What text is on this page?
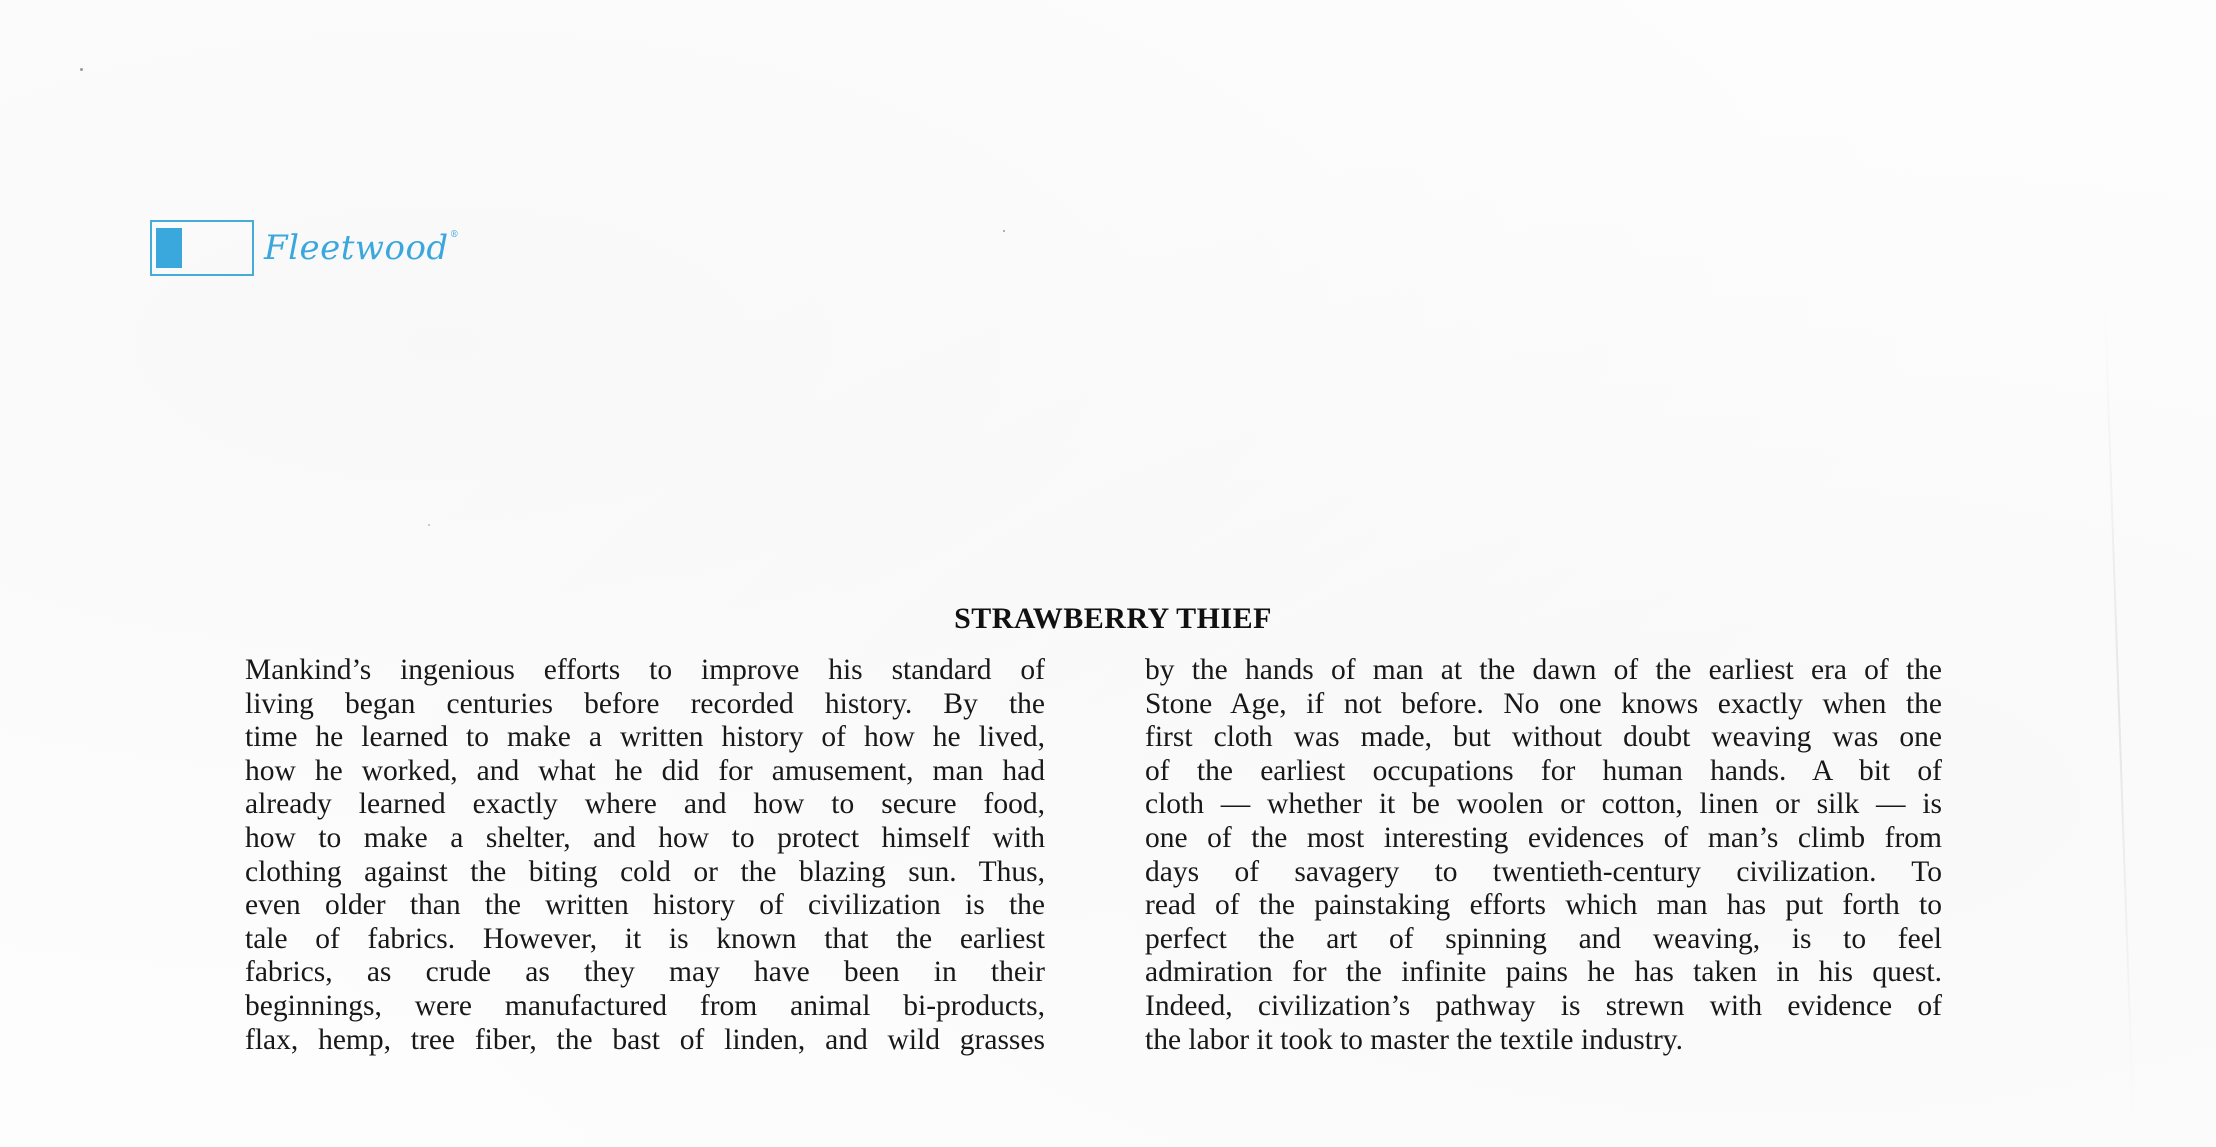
Fleetwood®
STRAWBERRY THIEF
Mankind’s ingenious efforts to improve his standard of
living began centuries before recorded history. By the
time he learned to make a written history of how he lived,
how he worked, and what he did for amusement, man had
already learned exactly where and how to secure food,
how to make a shelter, and how to protect himself with
clothing against the biting cold or the blazing sun. Thus,
even older than the written history of civilization is the
tale of fabrics. However, it is known that the earliest
fabrics, as crude as they may have been in their
beginnings, were manufactured from animal bi-products,
flax, hemp, tree fiber, the bast of linden, and wild grasses
by the hands of man at the dawn of the earliest era of the
Stone Age, if not before. No one knows exactly when the
first cloth was made, but without doubt weaving was one
of the earliest occupations for human hands. A bit of
cloth — whether it be woolen or cotton, linen or silk — is
one of the most interesting evidences of man’s climb from
days of savagery to twentieth-century civilization. To
read of the painstaking efforts which man has put forth to
perfect the art of spinning and weaving, is to feel
admiration for the infinite pains he has taken in his quest.
Indeed, civilization’s pathway is strewn with evidence of
the labor it took to master the textile industry.
